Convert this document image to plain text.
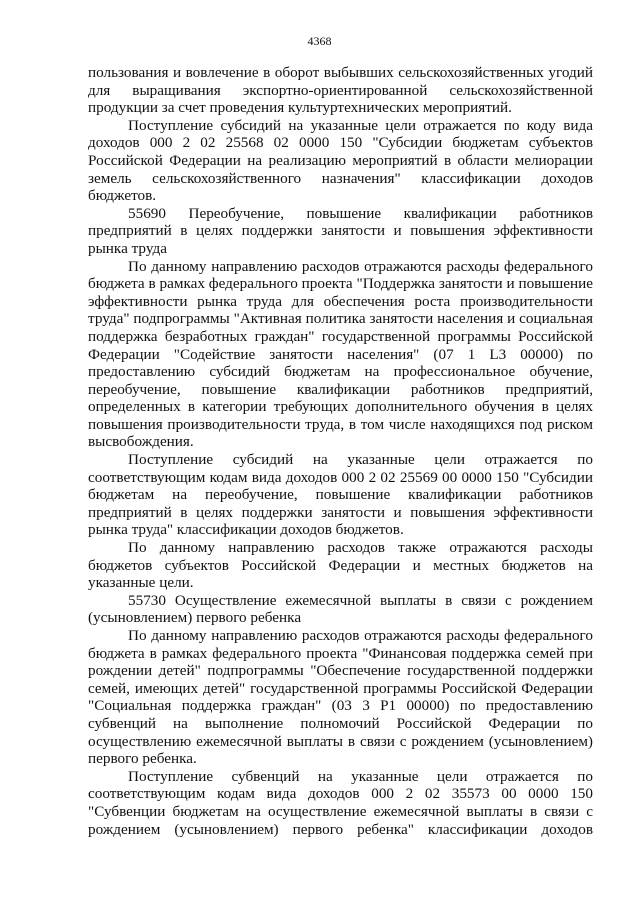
4368

пользования и вовлечение в оборот выбывших сельскохозяйственных угодий для выращивания экспортно-ориентированной сельскохозяйственной продукции за счет проведения культуртехнических мероприятий.

Поступление субсидий на указанные цели отражается по коду вида доходов 000 2 02 25568 02 0000 150 "Субсидии бюджетам субъектов Российской Федерации на реализацию мероприятий в области мелиорации земель сельскохозяйственного назначения" классификации доходов бюджетов.

55690 Переобучение, повышение квалификации работников предприятий в целях поддержки занятости и повышения эффективности рынка труда

По данному направлению расходов отражаются расходы федерального бюджета в рамках федерального проекта "Поддержка занятости и повышение эффективности рынка труда для обеспечения роста производительности труда" подпрограммы "Активная политика занятости населения и социальная поддержка безработных граждан" государственной программы Российской Федерации "Содействие занятости населения" (07 1 L3 00000) по предоставлению субсидий бюджетам на профессиональное обучение, переобучение, повышение квалификации работников предприятий, определенных в категории требующих дополнительного обучения в целях повышения производительности труда, в том числе находящихся под риском высвобождения.

Поступление субсидий на указанные цели отражается по соответствующим кодам вида доходов 000 2 02 25569 00 0000 150 "Субсидии бюджетам на переобучение, повышение квалификации работников предприятий в целях поддержки занятости и повышения эффективности рынка труда" классификации доходов бюджетов.

По данному направлению расходов также отражаются расходы бюджетов субъектов Российской Федерации и местных бюджетов на указанные цели.

55730 Осуществление ежемесячной выплаты в связи с рождением (усыновлением) первого ребенка

По данному направлению расходов отражаются расходы федерального бюджета в рамках федерального проекта "Финансовая поддержка семей при рождении детей" подпрограммы "Обеспечение государственной поддержки семей, имеющих детей" государственной программы Российской Федерации "Социальная поддержка граждан" (03 3 P1 00000) по предоставлению субвенций на выполнение полномочий Российской Федерации по осуществлению ежемесячной выплаты в связи с рождением (усыновлением) первого ребенка.

Поступление субвенций на указанные цели отражается по соответствующим кодам вида доходов 000 2 02 35573 00 0000 150 "Субвенции бюджетам на осуществление ежемесячной выплаты в связи с рождением (усыновлением) первого ребенка" классификации доходов
